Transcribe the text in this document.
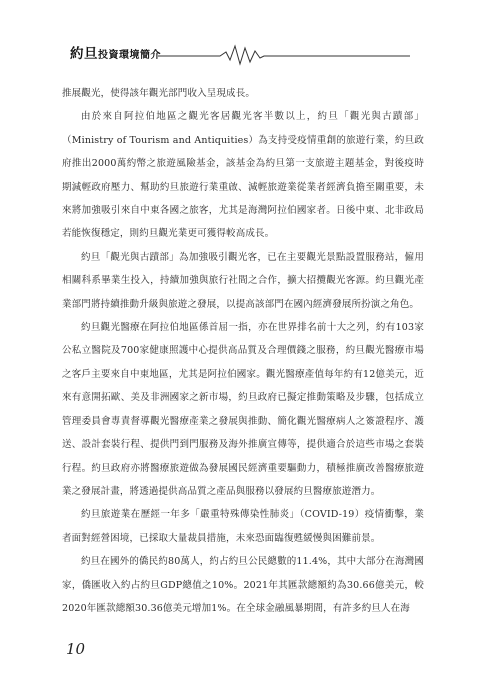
約旦投資環境簡介

推展觀光，使得該年觀光部門收入呈現成長。

由於來自阿拉伯地區之觀光客居觀光客半數以上，約旦「觀光與古蹟部」（Ministry of Tourism and Antiquities）為支持受疫情重創的旅遊行業，約旦政府推出2000萬約幣之旅遊風險基金，該基金為約旦第一支旅遊主題基金，對後疫時期減輕政府壓力、幫助約旦旅遊行業重啟、減輕旅遊業從業者經濟負擔至關重要，未來將加強吸引來自中東各國之旅客，尤其是海灣阿拉伯國家者。日後中東、北非政局若能恢復穩定，則約旦觀光業更可獲得較高成長。

約旦「觀光與古蹟部」為加強吸引觀光客，已在主要觀光景點設置服務站，僱用相關科系畢業生投入，持續加強與旅行社間之合作，擴大招攬觀光客源。約旦觀光產業部門將持續推動升級與旅遊之發展，以提高該部門在國內經濟發展所扮演之角色。

約旦觀光醫療在阿拉伯地區係首屈一指，亦在世界排名前十大之列，約有103家公私立醫院及700家健康照護中心提供高品質及合理價錢之服務，約旦觀光醫療市場之客戶主要來自中東地區，尤其是阿拉伯國家。觀光醫療產值每年約有12億美元，近來有意開拓歐、美及非洲國家之新市場，約旦政府已擬定推動策略及步驟，包括成立管理委員會專責督導觀光醫療產業之發展與推動、簡化觀光醫療病人之簽證程序、護送、設計套裝行程、提供門到門服務及海外推廣宣傳等，提供適合於這些市場之套裝行程。約旦政府亦將醫療旅遊做為發展國民經濟重要驅動力，積極推廣改善醫療旅遊業之發展計畫，將透過提供高品質之產品與服務以發展約旦醫療旅遊潛力。

約旦旅遊業在歷經一年多「嚴重特殊傳染性肺炎」（COVID-19）疫情衝擊，業者面對經營困境，已採取大量裁員措施，未來恐面臨復甦緩慢與困難前景。

約旦在國外的僑民約80萬人，約占約旦公民總數的11.4%，其中大部分在海灣國家，僑匯收入約占約旦GDP總值之10%。2021年其匯款總額約為30.66億美元，較2020年匯款總額30.36億美元增加1%。在全球金融風暴期間，有許多約旦人在海

10
